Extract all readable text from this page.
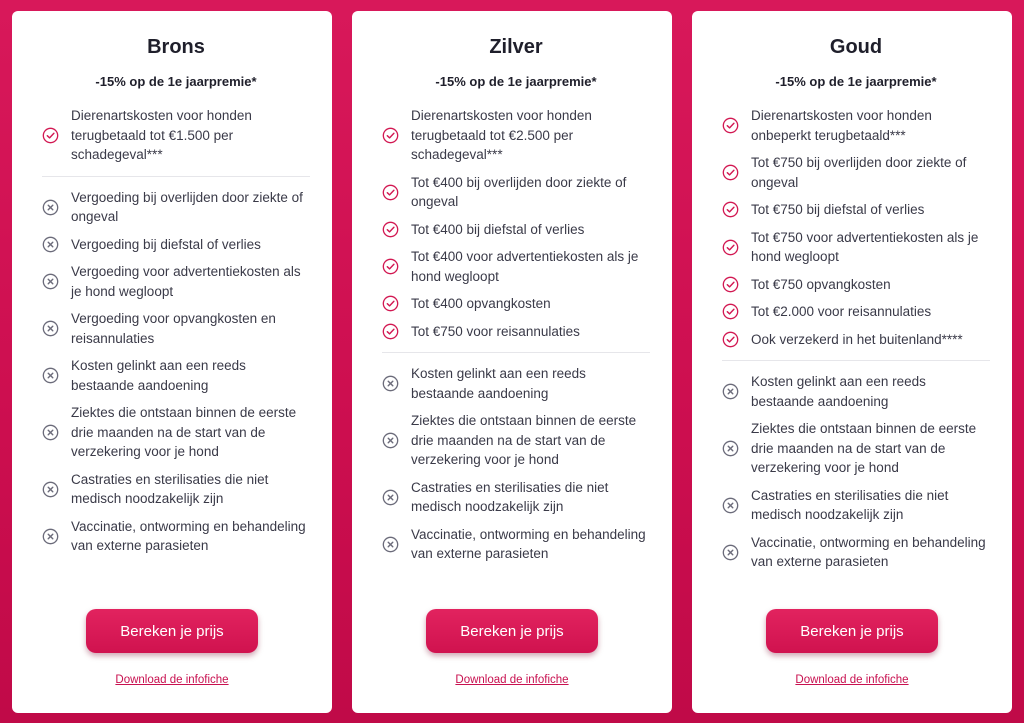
Brons
-15% op de 1e jaarpremie*
Dierenartskosten voor honden terugbetaald tot €1.500 per schadegeval***
Vergoeding bij overlijden door ziekte of ongeval
Vergoeding bij diefstal of verlies
Vergoeding voor advertentiekosten als je hond wegloopt
Vergoeding voor opvangkosten en reisannulaties
Kosten gelinkt aan een reeds bestaande aandoening
Ziektes die ontstaan binnen de eerste drie maanden na de start van de verzekering voor je hond
Castraties en sterilisaties die niet medisch noodzakelijk zijn
Vaccinatie, ontworming en behandeling van externe parasieten
Bereken je prijs
Download de infofiche
Zilver
-15% op de 1e jaarpremie*
Dierenartskosten voor honden terugbetaald tot €2.500 per schadegeval***
Tot €400 bij overlijden door ziekte of ongeval
Tot €400 bij diefstal of verlies
Tot €400 voor advertentiekosten als je hond wegloopt
Tot €400 opvangkosten
Tot €750 voor reisannulaties
Kosten gelinkt aan een reeds bestaande aandoening
Ziektes die ontstaan binnen de eerste drie maanden na de start van de verzekering voor je hond
Castraties en sterilisaties die niet medisch noodzakelijk zijn
Vaccinatie, ontworming en behandeling van externe parasieten
Bereken je prijs
Download de infofiche
Goud
-15% op de 1e jaarpremie*
Dierenartskosten voor honden onbeperkt terugbetaald***
Tot €750 bij overlijden door ziekte of ongeval
Tot €750 bij diefstal of verlies
Tot €750 voor advertentiekosten als je hond wegloopt
Tot €750 opvangkosten
Tot €2.000 voor reisannulaties
Ook verzekerd in het buitenland****
Kosten gelinkt aan een reeds bestaande aandoening
Ziektes die ontstaan binnen de eerste drie maanden na de start van de verzekering voor je hond
Castraties en sterilisaties die niet medisch noodzakelijk zijn
Vaccinatie, ontworming en behandeling van externe parasieten
Bereken je prijs
Download de infofiche
